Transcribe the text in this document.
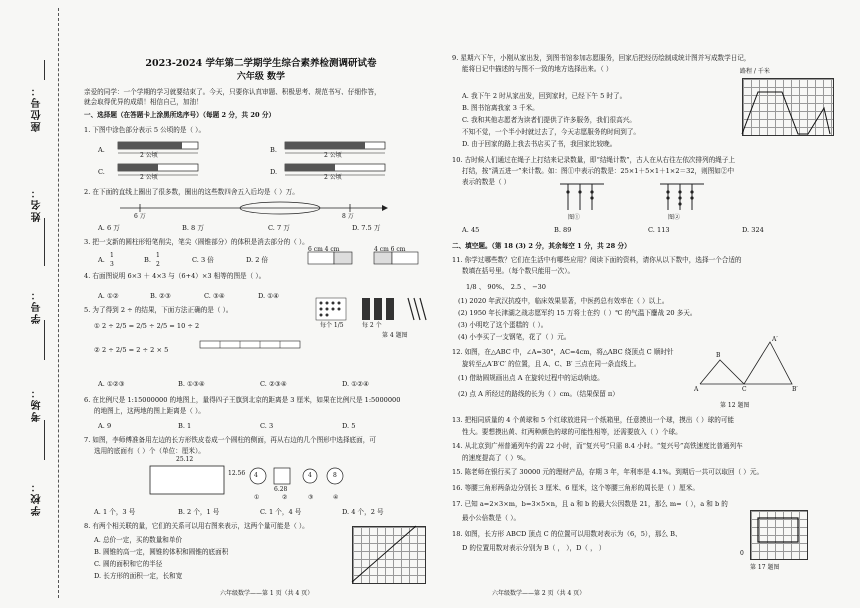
座位号：
姓名：
学号：
考场：
学校：
2023-2024 学年第二学期学生综合素养检测调研试卷
六年级 数学
亲爱的同学：一个学期的学习就要结束了。今天，只要你认真审题、积极思考、规范书写、仔细作答，
就会取得优异的成绩！相信自己，加油！
一、选择题（在答题卡上涂黑所选序号）（每题 2 分，共 20 分）
1. 下图中涂色部分表示 5 公顷的是（ ）。
A.	B.
C.	D.
2 公顷	2 公顷
2 公顷	2 公顷
2. 在下面的直线上圈出了很多数，圈出的这些数四舍五入后均是（ ）万。
6 万	8 万
A. 6 万	B. 8 万	C. 7 万	D. 7.5 万
3. 把一支新的圆柱形铅笔削尖，笔尖（圆锥部分）的体积是消去部分的（ ）。
A.
1
3
B.
1
2
C. 3 倍	D. 2 倍
6 cm 4 cm	4 cm 6 cm
4. 右面图说明 6×3 ＋ 4×3 与（6+4）×3 相等的图是（ ）。
A. ①②	B. ②③	C. ③④	D. ①④
每个 1/5	每 2 个
第 4 题图
5. 为了得到 2 ÷ 的结果，下面方法正确的是（ ）。
① 2 ÷ 2/5 = 2/5 ÷ 2/5 = 10 ÷ 2
② 2 ÷ 2/5 = 2 ÷ 2 × 5
A. ①②③	B. ①③④	C. ②③④	D. ①②④
6. 在比例尺是 1:15000000 的地图上，量得四子王旗到北京的距离是 3 厘米，如果在比例尺是 1:5000000
的地图上，这两地的图上距离是（ ）。
A. 9	B. 1	C. 3	D. 5
7. 如图，李师傅准备用左边的长方形铁皮卷成一个圆柱的侧面，再从右边的几个图形中选择底面，可
选用的底面有（ ）个（单位：厘米）。
25.12
12.56 4
6.28
4	8
①	②	③	④
A. 1 个，3 号	B. 2 个，1 号	C. 1 个，4 号	D. 4 个，2 号
8. 有两个相关联的量，它们的关系可以用右图来表示，这两个量可能是（ ）。
A. 总价一定，买的数量和单价
B. 圆锥的高一定，圆锥的体积和圆锥的底面积
C. 圆的面积和它的半径
D. 长方形的面积一定，长和宽
六年级数学——第 1 页（共 4 页）
9. 星期六下午，小刚从家出发，到图书馆参加志愿服务，回家后把经历绘制成统计图并写成数学日记，
能将日记中描述的与图不一致的地方选择出来。（ ）	路程 / 千米
A. 我下午 2 时从家出发，回到家时，已经下午 5 时了。
B. 图书馆离我家 3 千米。
C. 我和其他志愿者为读者们提供了许多服务，我们很高兴。
不知不觉，一个半小时就过去了，今天志愿服务的时间到了。
D. 由于回家的路上我去书店买了书，我回家比较晚。
10. 古时候人们通过在绳子上打结来记录数量，即“结绳计数”，古人在从右往左依次排列的绳子上
打结，按“满五进一”来计数。如：图①中表示的数是：25×1＋5×1＋1×2＝32，则图如②中
表示的数是（ ）
图①	图②
A. 45	B. 89	C. 113	D. 324
二、填空题。（第 18 (3) 2 分，其余每空 1 分，共 28 分）
11. 你学过哪些数？它们在生活中有哪些应用？阅读下面的资料，请你从以下数中，选择一个合适的
数填在括号里。（每个数只能用一次）。
1/8 、 90%、 2.5 、 −30
(1) 2020 年武汉抗疫中，临床效果显著，中医药总有效率在（ ）以上。
(2) 1950 年长津湖之战志愿军约 15 万将士在约（ ）℃ 的气温下鏖战 20 多天。
(3) 小明吃了这个蛋糕的（ ）。
(4) 小李买了一支钢笔，花了（ ）元。
12. 如图，在△ABC 中，∠A=30°，AC=4cm，将△ABC 绕顶点 C 顺时针
旋转至△A′B′C′ 的位置，且 A、C、B′ 三点在同一条直线上。
(1) 借助圆规画出点 A 在旋转过程中的运动轨迹。
(2) 点 A 所经过的路线的长为（ ）cm。（结果保留 π）
A
B
C
A′
B′
第 12 题图
13. 把相同质量的 4 个黄球和 5 个红球放进同一个纸箱里，任意摸出一个球，摸出（ ）球的可能
性大。要想摸出黄、红两种颜色的球的可能性相等，还需要放入（ ）个球。
14. 从北京到广州普通列车约需 22 小时，而“复兴号”只需 8.4 小时。“复兴号”高铁速度比普通列车
的速度提高了（ ）%。
15. 陈老师在银行买了 30000 元的理财产品，存期 3 年，年利率是 4.1%。到期后一共可以取回（ ）元。
16. 等腰三角形两条边分别长 3 厘米、6 厘米，这个等腰三角形的周长是（ ）厘米。
17. 已知 a=2×3×m，b=3×5×n，且 a 和 b 的最大公因数是 21，那么 m=（ ），a 和 b 的
最小公倍数是（ ）。
18. 如图，长方形 ABCD 顶点 C 的位置可以用数对表示为（6，5），那么 B、
D 的位置用数对表示分别为 B（ ， ），D（ ， ）
0
第 17 题图
六年级数学——第 2 页（共 4 页）
